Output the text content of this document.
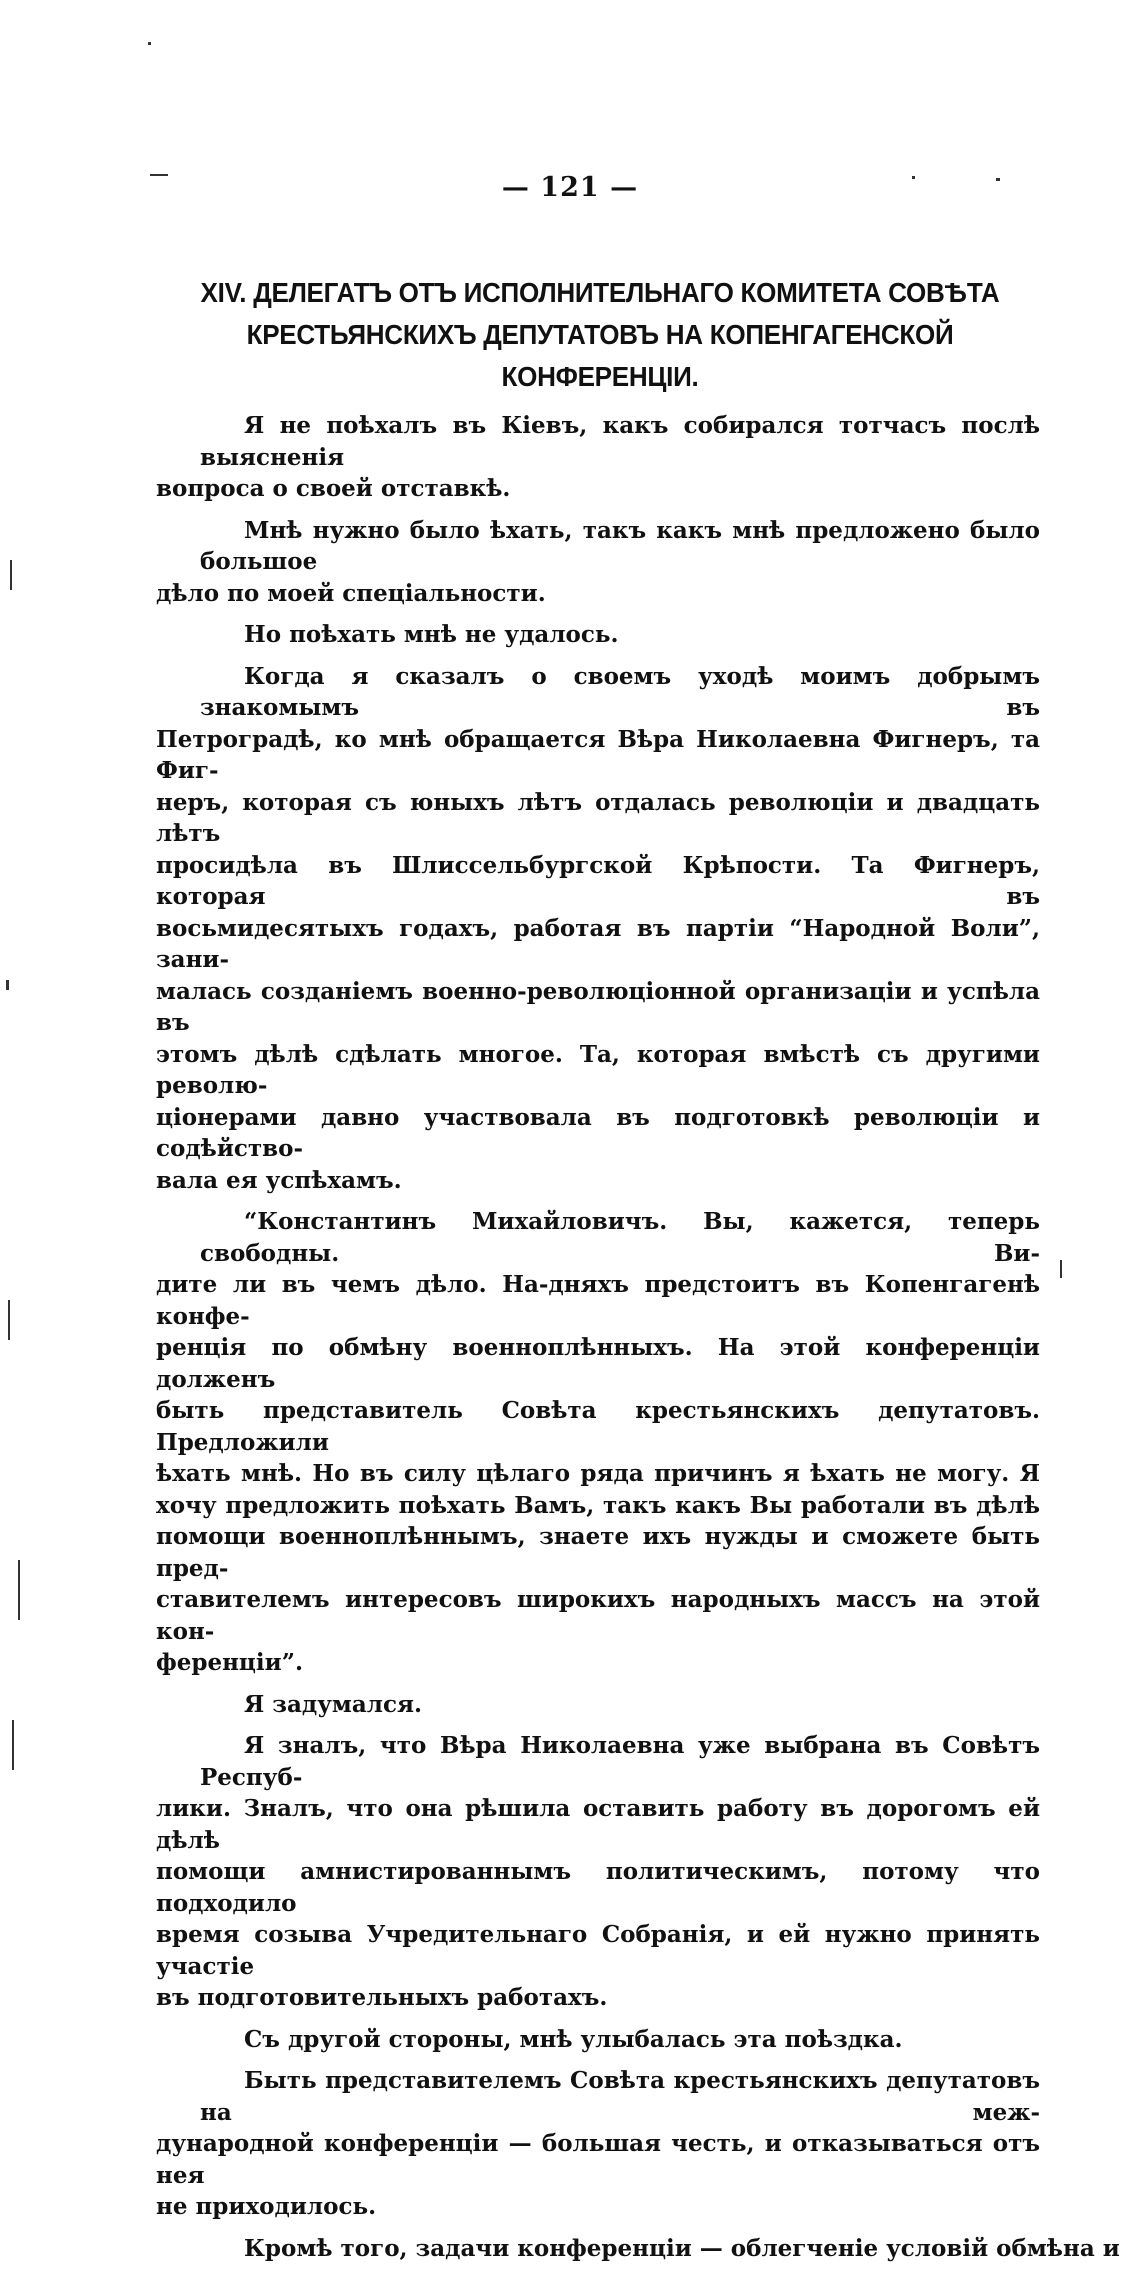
— 121 —
XIV. ДЕЛЕГАТЪ ОТЪ ИСПОЛНИТЕЛЬНАГО КОМИТЕТА СОВѢТА
КРЕСТЬЯНСКИХЪ ДЕПУТАТОВЪ НА КОПЕНГАГЕНСКОЙ
КОНФЕРЕНЦІИ.
Я не поѣхалъ въ Кіевъ, какъ собирался тотчасъ послѣ выясненія
вопроса о своей отставкѣ.
Мнѣ нужно было ѣхать, такъ какъ мнѣ предложено было большое
дѣло по моей спеціальности.
Но поѣхать мнѣ не удалось.
Когда я сказалъ о своемъ уходѣ моимъ добрымъ знакомымъ въ
Петроградѣ, ко мнѣ обращается Вѣра Николаевна Фигнеръ, та Фиг-
неръ, которая съ юныхъ лѣтъ отдалась революціи и двадцать лѣтъ
просидѣла въ Шлиссельбургской Крѣпости. Та Фигнеръ, которая въ
восьмидесятыхъ годахъ, работая въ партіи “Народной Воли”, зани-
малась созданіемъ военно-революціонной организаціи и успѣла въ
этомъ дѣлѣ сдѣлать многое. Та, которая вмѣстѣ съ другими револю-
ціонерами давно участвовала въ подготовкѣ революціи и содѣйство-
вала ея успѣхамъ.
“Константинъ Михайловичъ. Вы, кажется, теперь свободны. Ви-
дите ли въ чемъ дѣло. На-дняхъ предстоитъ въ Копенгагенѣ конфе-
ренція по обмѣну военноплѣнныхъ. На этой конференціи долженъ
быть представитель Совѣта крестьянскихъ депутатовъ. Предложили
ѣхать мнѣ. Но въ силу цѣлаго ряда причинъ я ѣхать не могу. Я
хочу предложить поѣхать Вамъ, такъ какъ Вы работали въ дѣлѣ
помощи военноплѣннымъ, знаете ихъ нужды и сможете быть пред-
ставителемъ интересовъ широкихъ народныхъ массъ на этой кон-
ференціи”.
Я задумался.
Я зналъ, что Вѣра Николаевна уже выбрана въ Совѣтъ Респуб-
лики. Зналъ, что она рѣшила оставить работу въ дорогомъ ей дѣлѣ
помощи амнистированнымъ политическимъ, потому что подходило
время созыва Учредительнаго Собранія, и ей нужно принять участіе
въ подготовительныхъ работахъ.
Съ другой стороны, мнѣ улыбалась эта поѣздка.
Быть представителемъ Совѣта крестьянскихъ депутатовъ на меж-
дународной конференціи — большая честь, и отказываться отъ нея
не приходилось.
Кромѣ того, задачи конференціи — облегченіе условій обмѣна и
